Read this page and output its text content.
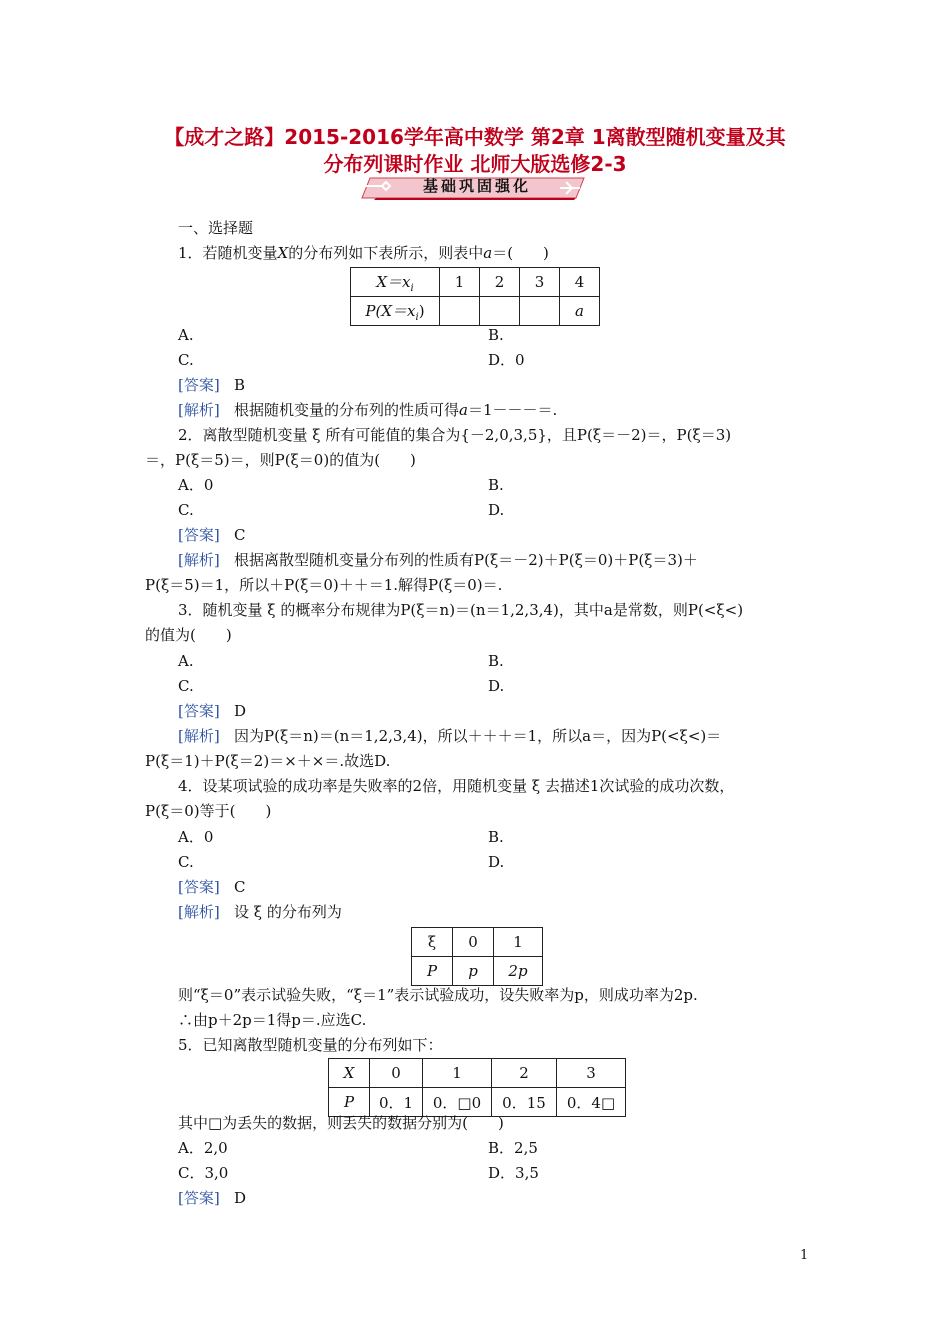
【成才之路】2015-2016学年高中数学 第2章 1离散型随机变量及其
分布列课时作业 北师大版选修2-3
基础巩固强化
一、选择题
1．若随机变量X的分布列如下表所示，则表中a＝(　　)
$X=x_i$	1	2	3	4
$P(X=x_i)$				a
A.	B.
C.	D．0
[答案] B
[解析] 根据随机变量的分布列的性质可得a＝1－－－＝.
2．离散型随机变量 ξ 所有可能值的集合为{－2,0,3,5}，且P(ξ＝－2)＝，P(ξ＝3)
＝，P(ξ＝5)＝，则P(ξ＝0)的值为(　　)
A．0	B.
C.	D.
[答案] C
[解析] 根据离散型随机变量分布列的性质有P(ξ＝－2)＋P(ξ＝0)＋P(ξ＝3)＋
P(ξ＝5)＝1，所以＋P(ξ＝0)＋＋＝1.解得P(ξ＝0)＝.
3．随机变量 ξ 的概率分布规律为P(ξ＝n)＝(n＝1,2,3,4)，其中a是常数，则P(<ξ<)
的值为(　　)
A.	B.
C.	D.
[答案] D
[解析] 因为P(ξ＝n)＝(n＝1,2,3,4)，所以＋＋＋＝1，所以a＝，因为P(<ξ<)＝
P(ξ＝1)＋P(ξ＝2)＝×＋×＝.故选D.
4．设某项试验的成功率是失败率的2倍，用随机变量 ξ 去描述1次试验的成功次数，
P(ξ＝0)等于(　　)
A．0	B.
C.	D.
[答案] C
[解析] 设 ξ 的分布列为
ξ	0	1
P	p	2p
则“ξ＝0”表示试验失败，“ξ＝1”表示试验成功，设失败率为p，则成功率为2p.
∴由p＋2p＝1得p＝.应选C.
5．已知离散型随机变量的分布列如下：
X	0	1	2	3
P	0．1	0．□0	0．15	0．4□
其中□为丢失的数据，则丢失的数据分别为(　　)
A．2,0	B．2,5
C．3,0	D．3,5
[答案] D
1
